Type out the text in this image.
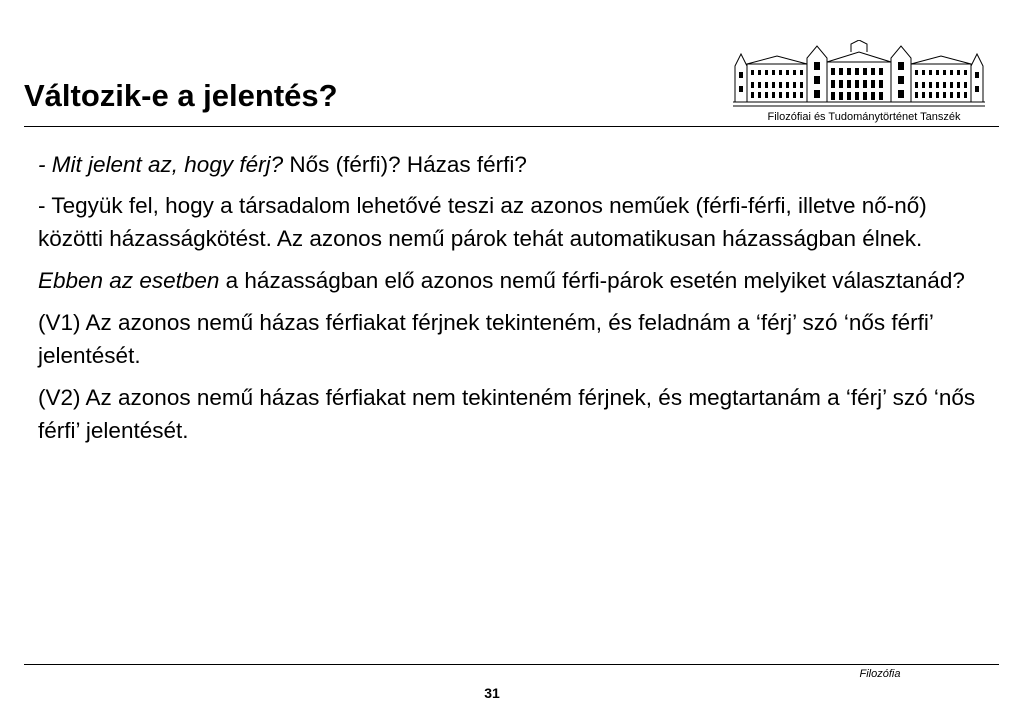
Változik-e a jelentés?
Filozófiai és Tudománytörténet Tanszék

- Mit jelent az, hogy férj? Nős (férfi)? Házas férfi?

- Tegyük fel, hogy a társadalom lehetővé teszi az azonos neműek (férfi-férfi, illetve nő-nő) közötti házasságkötést. Az azonos nemű párok tehát automatikusan házasságban élnek.

Ebben az esetben a házasságban elő azonos nemű férfi-párok esetén melyiket választanád?

(V1) Az azonos nemű házas férfiakat férjnek tekinteném, és feladnám a ‘férj’ szó ‘nős férfi’ jelentését.

(V2) Az azonos nemű házas férfiakat nem tekinteném férjnek, és megtartanám a ‘férj’ szó ‘nős férfi’ jelentését.

Filozófia
31
